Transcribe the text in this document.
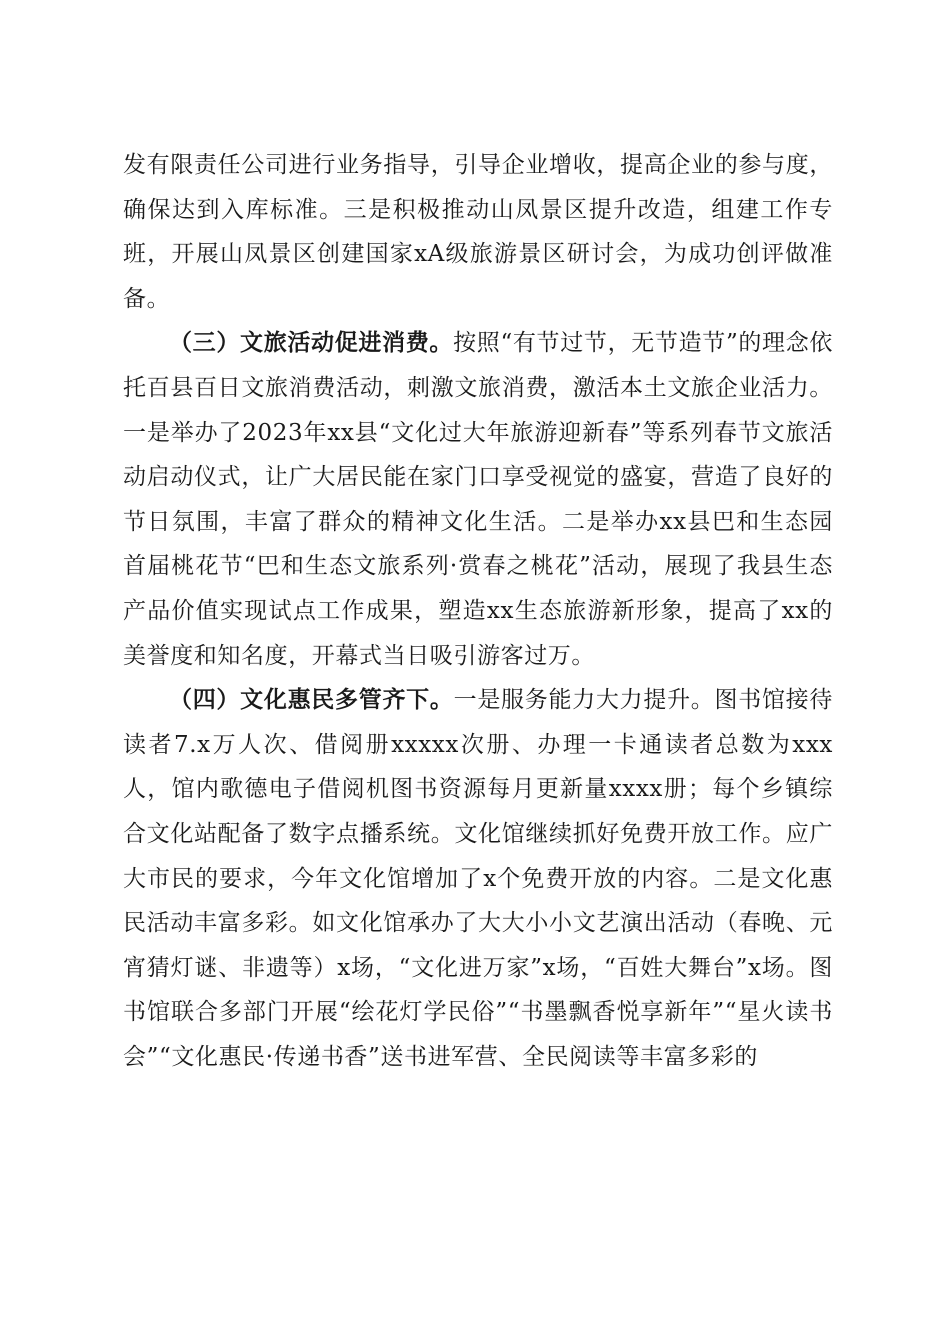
发有限责任公司进行业务指导，引导企业增收，提高企业的参与度，确保达到入库标准。三是积极推动山凤景区提升改造，组建工作专班，开展山凤景区创建国家xA级旅游景区研讨会，为成功创评做准备。

（三）文旅活动促进消费。按照“有节过节，无节造节”的理念依托百县百日文旅消费活动，刺激文旅消费，激活本土文旅企业活力。一是举办了2023年xx县“文化过大年旅游迎新春”等系列春节文旅活动启动仪式，让广大居民能在家门口享受视觉的盛宴，营造了良好的节日氛围，丰富了群众的精神文化生活。二是举办xx县巴和生态园首届桃花节“巴和生态文旅系列·赏春之桃花”活动，展现了我县生态产品价值实现试点工作成果，塑造xx生态旅游新形象，提高了xx的美誉度和知名度，开幕式当日吸引游客过万。

（四）文化惠民多管齐下。一是服务能力大力提升。图书馆接待读者7.x万人次、借阅册xxxxx次册、办理一卡通读者总数为xxx人，馆内歌德电子借阅机图书资源每月更新量xxxx册；每个乡镇综合文化站配备了数字点播系统。文化馆继续抓好免费开放工作。应广大市民的要求，今年文化馆增加了x个免费开放的内容。二是文化惠民活动丰富多彩。如文化馆承办了大大小小文艺演出活动（春晚、元宵猜灯谜、非遗等）x场，“文化进万家”x场，“百姓大舞台”x场。图书馆联合多部门开展“绘花灯学民俗”“书墨飘香悦享新年”“星火读书会”“文化惠民·传递书香”送书进军营、全民阅读等丰富多彩的
